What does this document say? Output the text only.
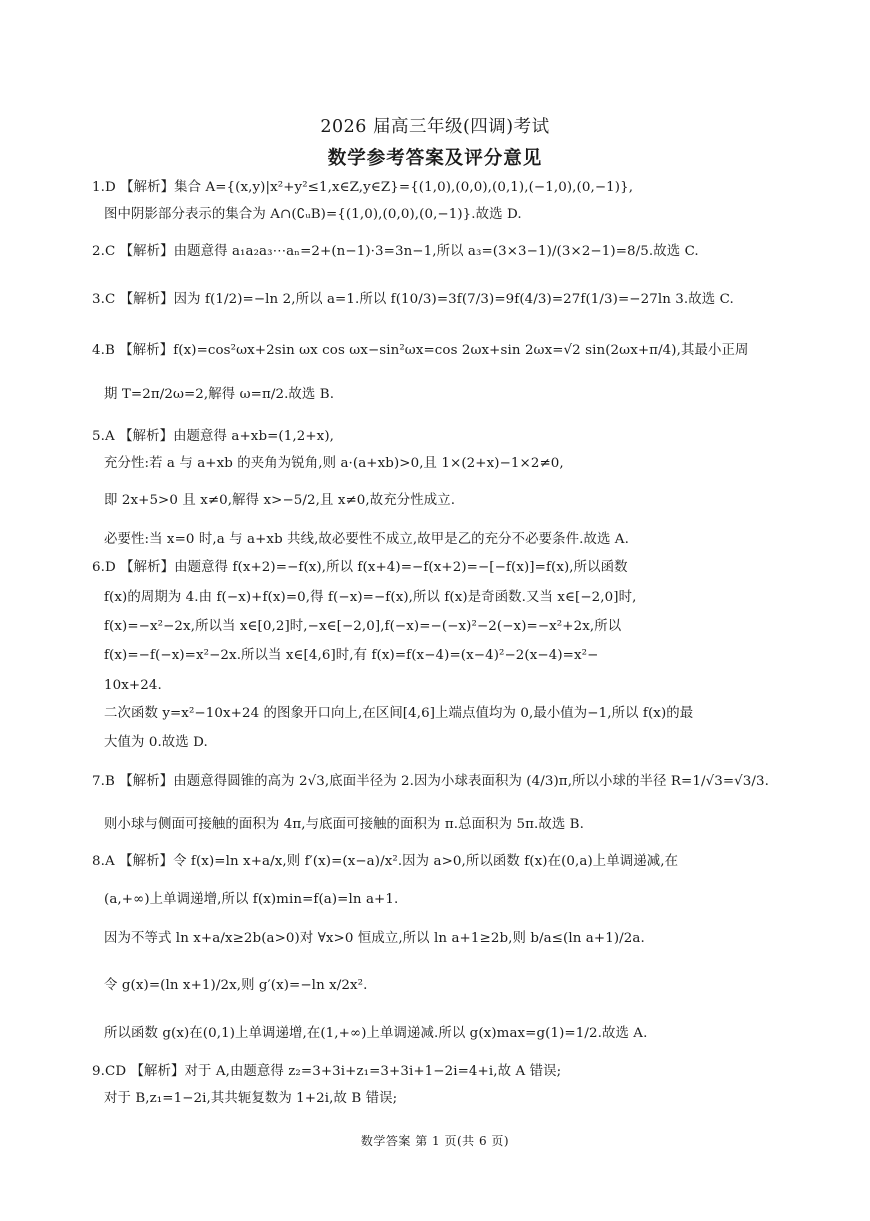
2026 届高三年级(四调)考试
数学参考答案及评分意见
1.D 【解析】集合 A={(x,y)|x²+y²≤1,x∈Z,y∈Z}={(1,0),(0,0),(0,1),(−1,0),(0,−1)},
图中阴影部分表示的集合为 A∩(∁ᵤB)={(1,0),(0,0),(0,−1)}.故选 D.
2.C 【解析】由题意得 a₁a₂a₃⋯aₙ=2+(n−1)·3=3n−1,所以 a₃=(3×3−1)/(3×2−1)=8/5.故选 C.
3.C 【解析】因为 f(1/2)=−ln 2,所以 a=1.所以 f(10/3)=3f(7/3)=9f(4/3)=27f(1/3)=−27ln 3.故选 C.
4.B 【解析】f(x)=cos²ωx+2sin ωx cos ωx−sin²ωx=cos 2ωx+sin 2ωx=√2 sin(2ωx+π/4),其最小正周
期 T=2π/2ω=2,解得 ω=π/2.故选 B.
5.A 【解析】由题意得 a+xb=(1,2+x),
充分性:若 a 与 a+xb 的夹角为锐角,则 a·(a+xb)>0,且 1×(2+x)−1×2≠0,
即 2x+5>0 且 x≠0,解得 x>−5/2,且 x≠0,故充分性成立.
必要性:当 x=0 时,a 与 a+xb 共线,故必要性不成立,故甲是乙的充分不必要条件.故选 A.
6.D 【解析】由题意得 f(x+2)=−f(x),所以 f(x+4)=−f(x+2)=−[−f(x)]=f(x),所以函数
f(x)的周期为 4.由 f(−x)+f(x)=0,得 f(−x)=−f(x),所以 f(x)是奇函数.又当 x∈[−2,0]时,
f(x)=−x²−2x,所以当 x∈[0,2]时,−x∈[−2,0],f(−x)=−(−x)²−2(−x)=−x²+2x,所以
f(x)=−f(−x)=x²−2x.所以当 x∈[4,6]时,有 f(x)=f(x−4)=(x−4)²−2(x−4)=x²−
10x+24.
二次函数 y=x²−10x+24 的图象开口向上,在区间[4,6]上端点值均为 0,最小值为−1,所以 f(x)的最
大值为 0.故选 D.
7.B 【解析】由题意得圆锥的高为 2√3,底面半径为 2.因为小球表面积为 (4/3)π,所以小球的半径 R=1/√3=√3/3.
则小球与侧面可接触的面积为 4π,与底面可接触的面积为 π.总面积为 5π.故选 B.
8.A 【解析】令 f(x)=ln x+a/x,则 f′(x)=(x−a)/x².因为 a>0,所以函数 f(x)在(0,a)上单调递减,在
(a,+∞)上单调递增,所以 f(x)min=f(a)=ln a+1.
因为不等式 ln x+a/x≥2b(a>0)对 ∀x>0 恒成立,所以 ln a+1≥2b,则 b/a≤(ln a+1)/2a.
令 g(x)=(ln x+1)/2x,则 g′(x)=−ln x/2x².
所以函数 g(x)在(0,1)上单调递增,在(1,+∞)上单调递减.所以 g(x)max=g(1)=1/2.故选 A.
9.CD 【解析】对于 A,由题意得 z₂=3+3i+z₁=3+3i+1−2i=4+i,故 A 错误;
对于 B,z₁=1−2i,其共轭复数为 1+2i,故 B 错误;
数学答案 第 1 页(共 6 页)
